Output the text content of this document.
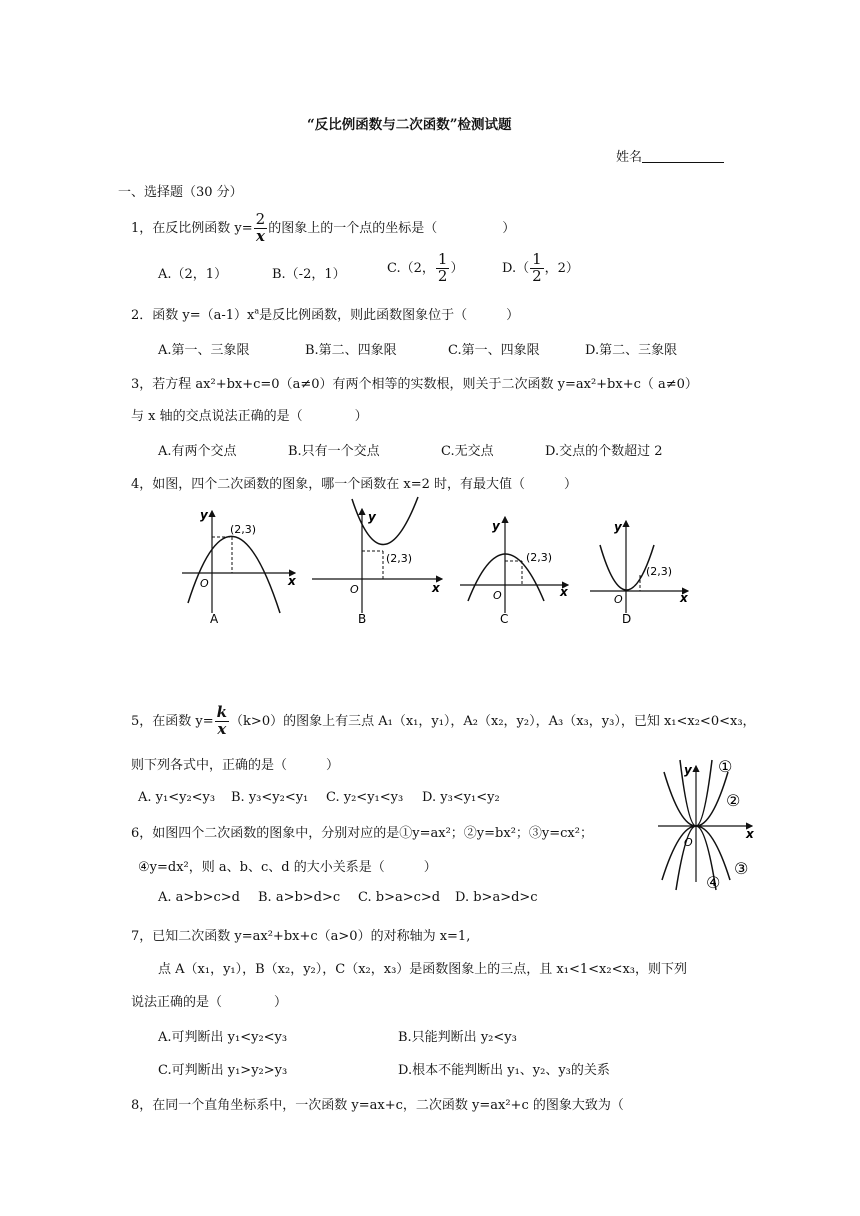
“反比例函数与二次函数”检测试题
姓名
一、选择题（30 分）
1，在反比例函数 $y= \frac{2}{x}$ 的图象上的一个点的坐标是（　　　　　）
A.（2，1）	B.（-2，1）	C.（2， $\frac{1}{2}$ ）	$D.( \frac{1}{2}$ ，2）
2．函数 $y=(a-1)x^a$是反比例函数，则此函数图象位于（　　　）
A.第一、三象限	B.第二、四象限	C.第一、四象限	D.第二、三象限
3，若方程 ax²+bx+c=0（a≠0）有两个相等的实数根，则关于二次函数 y=ax²+bx+c（ a≠0）
与 x 轴的交点说法正确的是（　　　　）
A.有两个交点	B.只有一个交点	C.无交点	D.交点的个数超过 2
4，如图，四个二次函数的图象，哪一个函数在 x=2 时，有最大值（　　　）
y
x
O
(2,3)
A
y
x
O
(2,3)
B
y
x
O
(2,3)
C
y
x
O
(2,3)
D
5，在函数 $y= \frac{k}{x} (k>0)$的图象上有三点 A₁（x₁，y₁），A₂（x₂，y₂），A₃（x₃，y₃），已知 x₁<x₂<0<x₃，
则下列各式中，正确的是（　　　）
A. y₁<y₂<y₃ B. y₃<y₂<y₁ C. y₂<y₁<y₃ D. y₃<y₁<y₂
y
x
O
①
②
③
④
6，如图四个二次函数的图象中，分别对应的是①y=ax²；②y=bx²；③y=cx²；
④y=dx²，则 a、b、c、d 的大小关系是（　　　）
A. a>b>c>d B. a>b>d>c C. b>a>c>d D. b>a>d>c
7，已知二次函数 y=ax²+bx+c（a>0）的对称轴为 x=1,
点 A（x₁，y₁），B（x₂，y₂），C（x₂，x₃）是函数图象上的三点，且 x₁<1<x₂<x₃，则下列
说法正确的是（　　　　）
A.可判断出 y₁<y₂<y₃	B.只能判断出 y₂<y₃
C.可判断出 y₁>y₂>y₃	D.根本不能判断出 y₁、y₂、y₃的关系
8，在同一个直角坐标系中，一次函数 y=ax+c，二次函数 y=ax²+c 的图象大致为（
